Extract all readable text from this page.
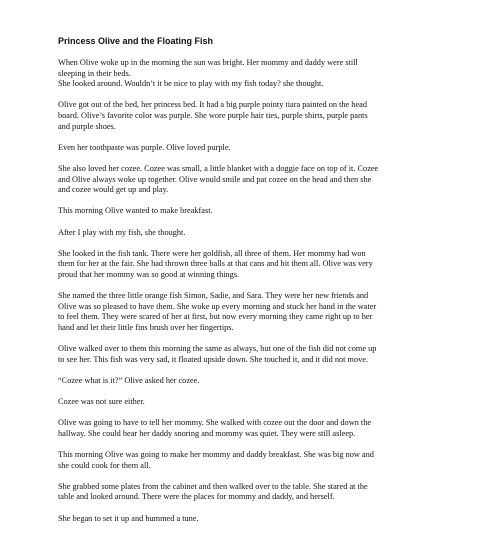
Princess Olive and the Floating Fish
When Olive woke up in the morning the sun was bright. Her mommy and daddy were still
sleeping in their beds.
She looked around. Wouldn’t it be nice to play with my fish today? she thought.
Olive got out of the bed, her princess bed. It had a big purple pointy tiara painted on the head
board. Olive’s favorite color was purple. She wore purple hair ties, purple shirts, purple pants
and purple shoes.
Even her toothpaste was purple. Olive loved purple.
She also loved her cozee. Cozee was small, a little blanket with a doggie face on top of it. Cozee
and Olive always woke up together. Olive would smile and pat cozee on the head and then she
and cozee would get up and play.
This morning Olive wanted to make breakfast.
After I play with my fish, she thought.
She looked in the fish tank. There were her goldfish, all three of them. Her mommy had won
them for her at the fair. She had thrown three balls at that cans and hit them all. Olive was very
proud that her mommy was so good at winning things.
She named the three little orange fish Simon, Sadie, and Sara. They were her new friends and
Olive was so pleased to have them. She woke up every morning and stuck her hand in the water
to feel them. They were scared of her at first, but now every morning they came right up to her
hand and let their little fins brush over her fingertips.
Olive walked over to them this morning the same as always, but one of the fish did not come up
to see her. This fish was very sad, it floated upside down. She touched it, and it did not move.
“Cozee what is it?” Olive asked her cozee.
Cozee was not sure either.
Olive was going to have to tell her mommy. She walked with cozee out the door and down the
hallway. She could hear her daddy snoring and mommy was quiet. They were still asleep.
This morning Olive was going to make her mommy and daddy breakfast. She was big now and
she could cook for them all.
She grabbed some plates from the cabinet and then walked over to the table. She stared at the
table and looked around. There were the places for mommy and daddy, and herself.
She began to set it up and hummed a tune.
